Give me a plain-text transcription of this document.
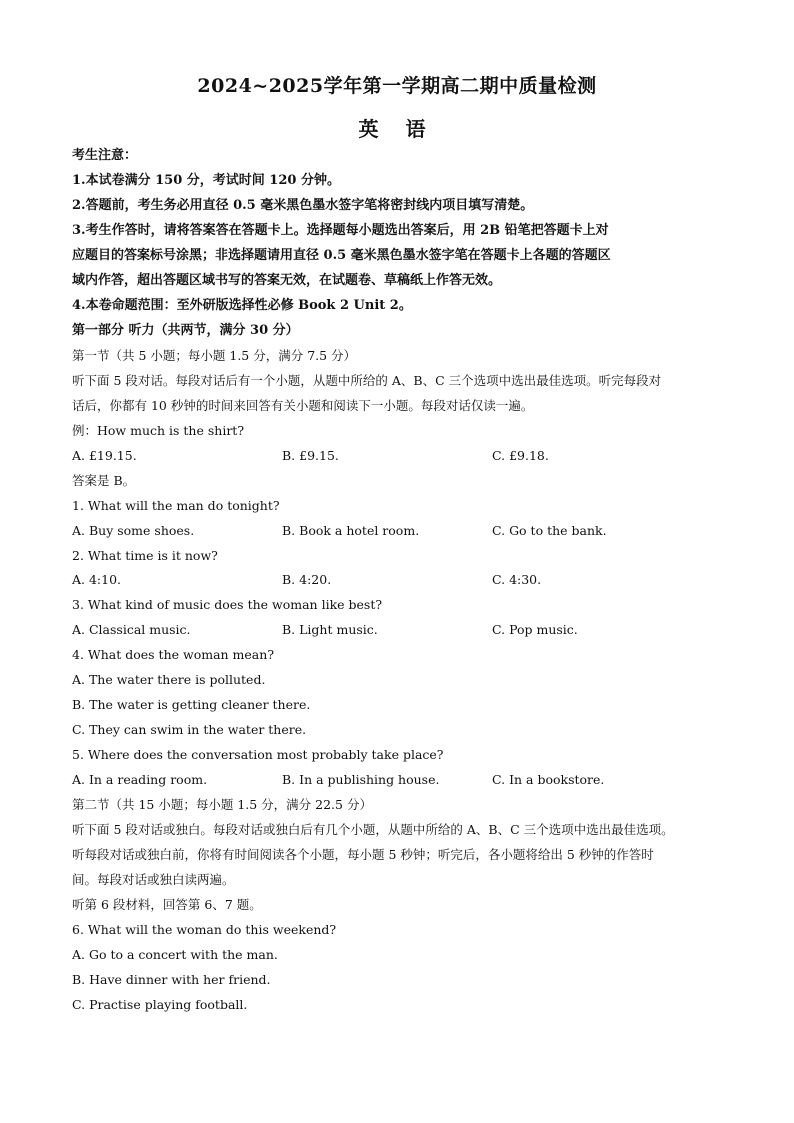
2024~2025学年第一学期高二期中质量检测
英 语
考生注意：
1.本试卷满分 150 分，考试时间 120 分钟。
2.答题前，考生务必用直径 0.5 毫米黑色墨水签字笔将密封线内项目填写清楚。
3.考生作答时，请将答案答在答题卡上。选择题每小题选出答案后，用 2B 铅笔把答题卡上对
应题目的答案标号涂黑；非选择题请用直径 0.5 毫米黑色墨水签字笔在答题卡上各题的答题区
域内作答，超出答题区域书写的答案无效，在试题卷、草稿纸上作答无效。
4.本卷命题范围：至外研版选择性必修 Book 2 Unit 2。
第一部分 听力（共两节，满分 30 分）
第一节（共 5 小题；每小题 1.5 分，满分 7.5 分）
听下面 5 段对话。每段对话后有一个小题，从题中所给的 A、B、C 三个选项中选出最佳选项。听完每段对
话后，你都有 10 秒钟的时间来回答有关小题和阅读下一小题。每段对话仅读一遍。
例：How much is the shirt?
A. £19.15.	B. £9.15.	C. £9.18.
答案是 B。
1. What will the man do tonight?
A. Buy some shoes.	B. Book a hotel room.	C. Go to the bank.
2. What time is it now?
A. 4:10.	B. 4:20.	C. 4:30.
3. What kind of music does the woman like best?
A. Classical music.	B. Light music.	C. Pop music.
4. What does the woman mean?
A. The water there is polluted.
B. The water is getting cleaner there.
C. They can swim in the water there.
5. Where does the conversation most probably take place?
A. In a reading room.	B. In a publishing house.	C. In a bookstore.
第二节（共 15 小题；每小题 1.5 分，满分 22.5 分）
听下面 5 段对话或独白。每段对话或独白后有几个小题，从题中所给的 A、B、C 三个选项中选出最佳选项。
听每段对话或独白前，你将有时间阅读各个小题，每小题 5 秒钟；听完后，各小题将给出 5 秒钟的作答时
间。每段对话或独白读两遍。
听第 6 段材料，回答第 6、7 题。
6. What will the woman do this weekend?
A. Go to a concert with the man.
B. Have dinner with her friend.
C. Practise playing football.
